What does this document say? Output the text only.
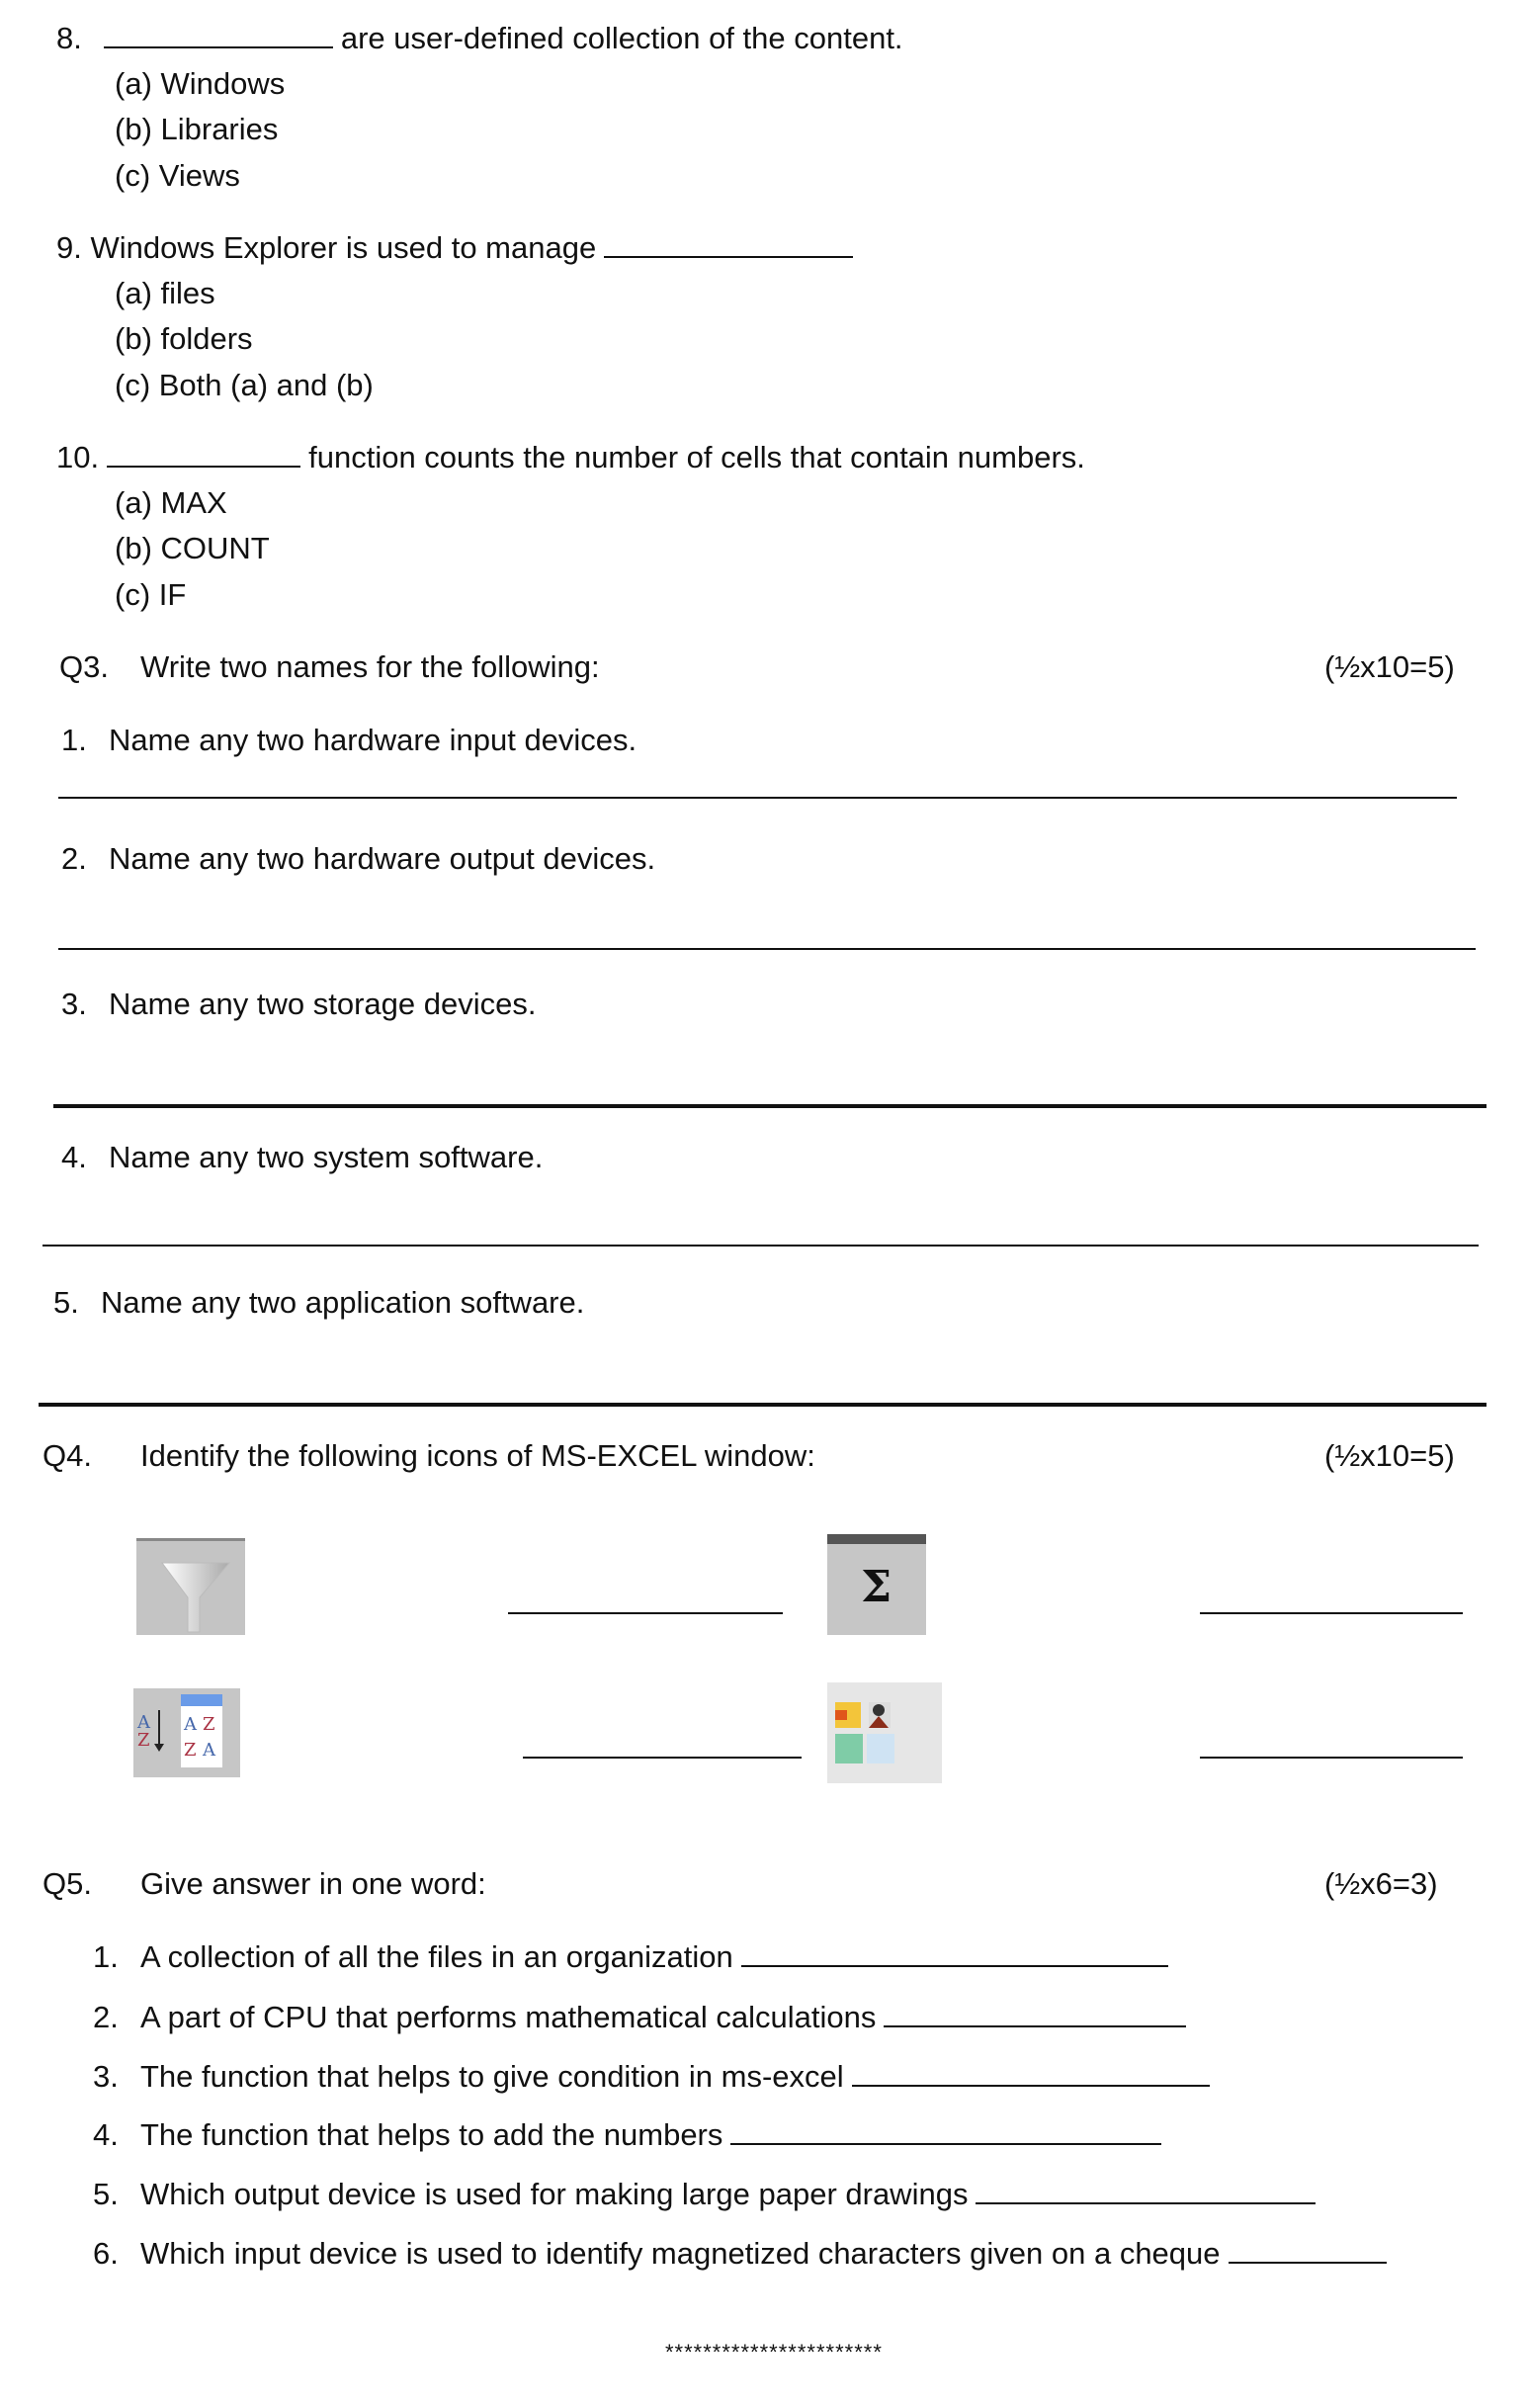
8.	are user-defined collection of the content.
(a) Windows
(b) Libraries
(c) Views
9. Windows Explorer is used to manage
(a) files
(b) folders
(c) Both (a) and (b)
10.	function counts the number of cells that contain numbers.
(a) MAX
(b) COUNT
(c) IF
Q3. Write two names for the following:	(½x10=5)
1. Name any two hardware input devices.
2. Name any two hardware output devices.
3. Name any two storage devices.
4. Name any two system software.
5. Name any two application software.
Q4. Identify the following icons of MS-EXCEL window:	(½x10=5)
Σ
A
Z
A Z
Z A
Q5. Give answer in one word:	(½x6=3)
1. A collection of all the files in an organization
2. A part of CPU that performs mathematical calculations
3. The function that helps to give condition in ms-excel
4. The function that helps to add the numbers
5. Which output device is used for making large paper drawings
6. Which input device is used to identify magnetized characters given on a cheque
***********************
